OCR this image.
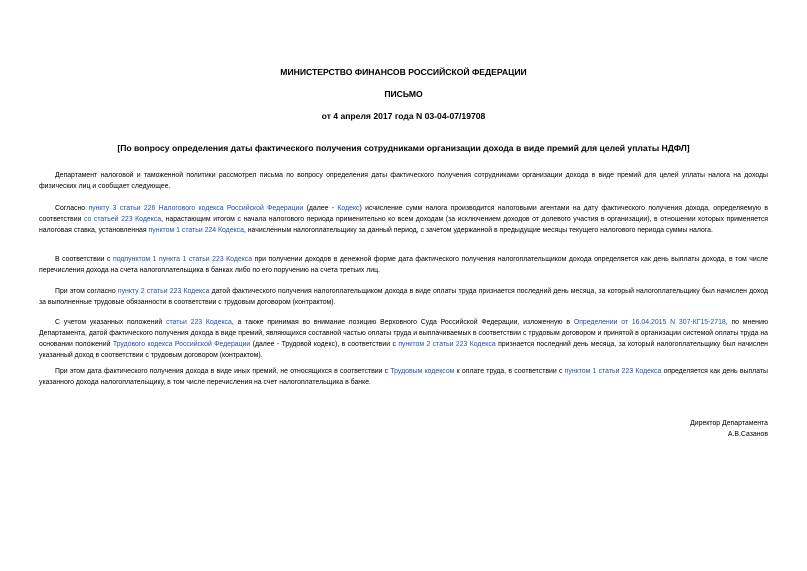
МИНИСТЕРСТВО ФИНАНСОВ РОССИЙСКОЙ ФЕДЕРАЦИИ
ПИСЬМО
от 4 апреля 2017 года N 03-04-07/19708
[По вопросу определения даты фактического получения сотрудниками организации дохода в виде премий для целей уплаты НДФЛ]

Департамент налоговой и таможенной политики рассмотрел письма по вопросу определения даты фактического получения сотрудниками организации дохода в виде премий для целей уплаты налога на доходы физических лиц и сообщает следующее.

Согласно пункту 3 статьи 226 Налогового кодекса Российской Федерации (далее - Кодекс) исчисление сумм налога производится налоговыми агентами на дату фактического получения дохода, определяемую в соответствии со статьей 223 Кодекса, нарастающим итогом с начала налогового периода применительно ко всем доходам (за исключением доходов от долевого участия в организации), в отношении которых применяется налоговая ставка, установленная пунктом 1 статьи 224 Кодекса, начисленным налогоплательщику за данный период, с зачетом удержанной в предыдущие месяцы текущего налогового периода суммы налога.

В соответствии с подпунктом 1 пункта 1 статьи 223 Кодекса при получении доходов в денежной форме дата фактического получения налогоплательщиком дохода определяется как день выплаты дохода, в том числе перечисления дохода на счета налогоплательщика в банках либо по его поручению на счета третьих лиц.

При этом согласно пункту 2 статьи 223 Кодекса датой фактического получения налогоплательщиком дохода в виде оплаты труда признается последний день месяца, за который налогоплательщику был начислен доход за выполненные трудовые обязанности в соответствии с трудовым договором (контрактом).

С учетом указанных положений статьи 223 Кодекса, а также принимая во внимание позицию Верховного Суда Российской Федерации, изложенную в Определении от 16.04.2015 N 307-КГ15-2718, по мнению Департамента, датой фактического получения дохода в виде премий, являющихся составной частью оплаты труда и выплачиваемых в соответствии с трудовым договором и принятой в организации системой оплаты труда на основании положений Трудового кодекса Российской Федерации (далее - Трудовой кодекс), в соответствии с пунктом 2 статьи 223 Кодекса признается последний день месяца, за который налогоплательщику был начислен указанный доход в соответствии с трудовым договором (контрактом).

При этом дата фактического получения дохода в виде иных премий, не относящихся в соответствии с Трудовым кодексом к оплате труда, в соответствии с пунктом 1 статьи 223 Кодекса определяется как день выплаты указанного дохода налогоплательщику, в том числе перечисления на счет налогоплательщика в банке.

Директор Департамента
А.В.Сазанов
